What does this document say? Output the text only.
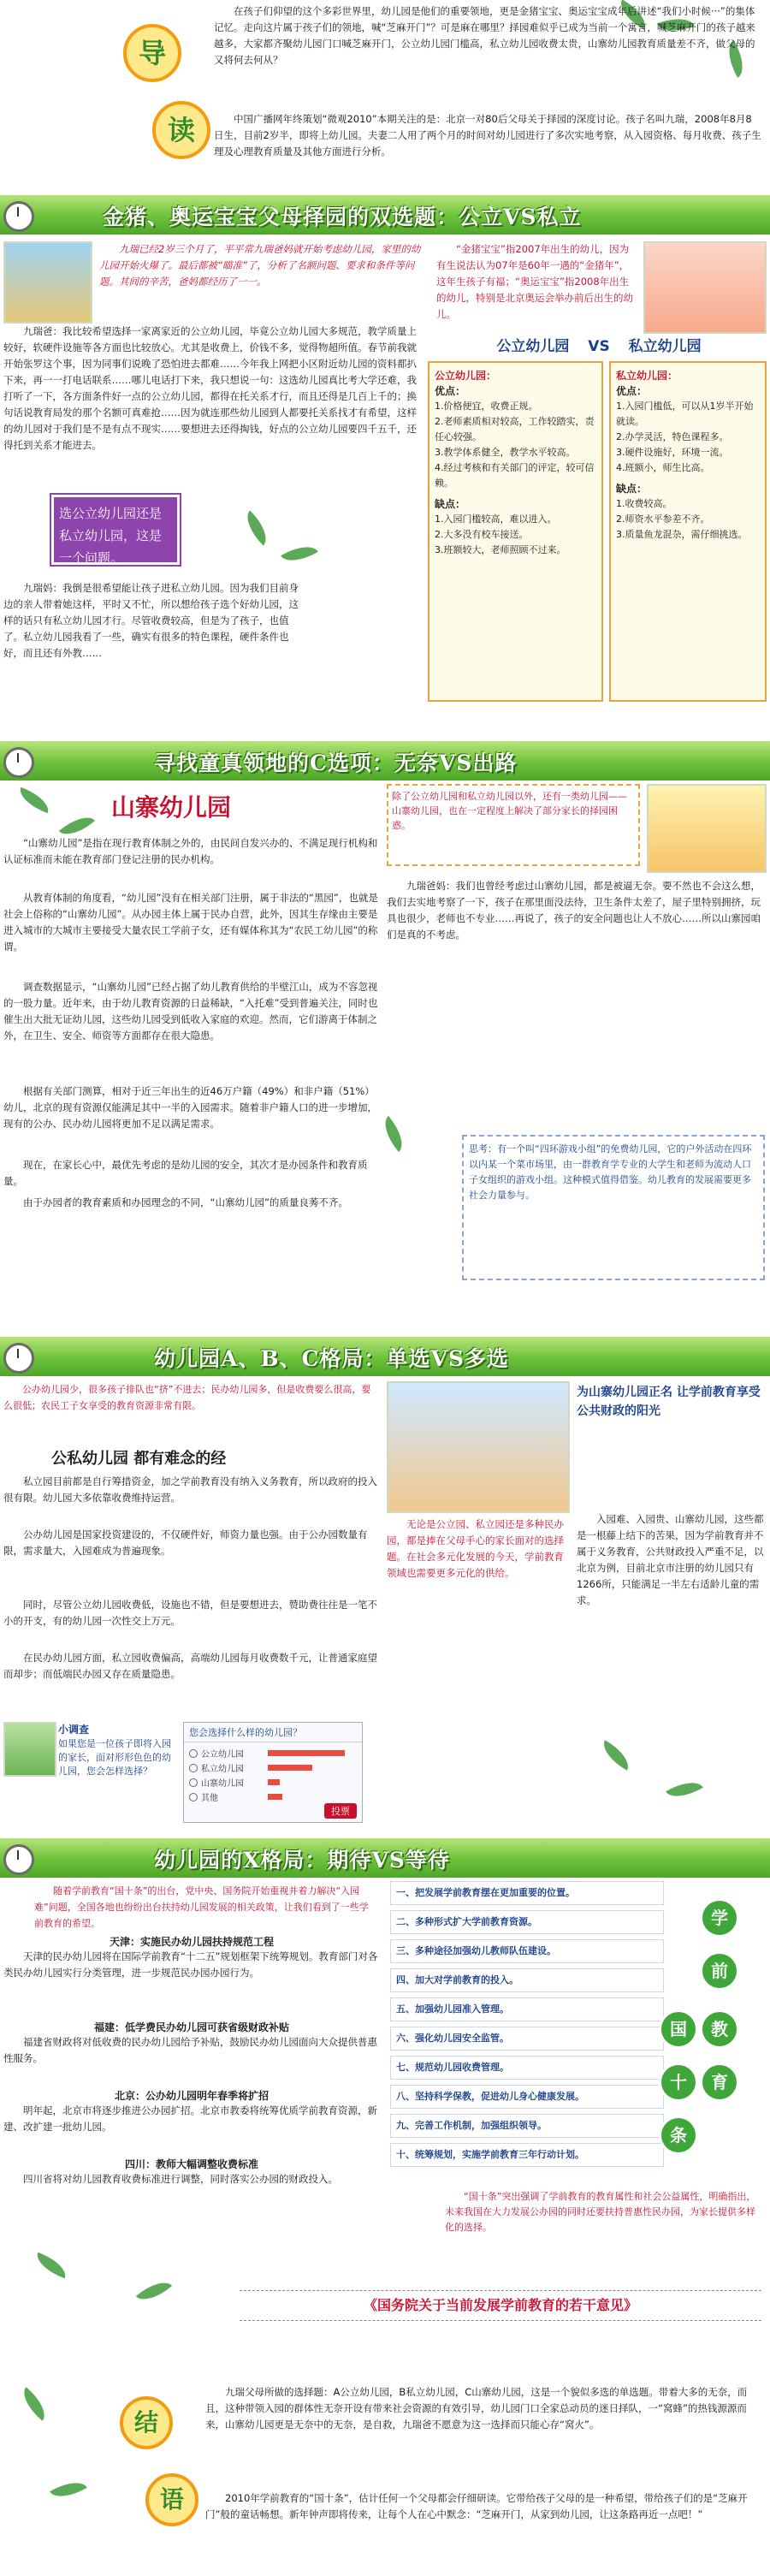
导
读
在孩子们仰望的这个多彩世界里，幼儿园是他们的重要领地，更是金猪宝宝、奥运宝宝成年后讲述“我们小时候···”的集体记忆。走向这片属于孩子们的领地，喊“芝麻开门”？可是麻在哪里？择园难似乎已成为当前一个寓言，喊芝麻开门的孩子越来越多，大家都齐聚幼儿园门口喊芝麻开门，公立幼儿园门槛高，私立幼儿园收费太贵，山寨幼儿园教育质量差不齐，做父母的又将何去何从？
中国广播网年终策划“微观2010”本期关注的是：北京一对80后父母关于择园的深度讨论。孩子名叫九瑞，2008年8月8日生，目前2岁半，即将上幼儿园。夫妻二人用了两个月的时间对幼儿园进行了多次实地考察，从入园资格、每月收费、孩子生理及心理教育质量及其他方面进行分析。
金猪、奥运宝宝父母择园的双选题：公立VS私立
九瑞已经2岁三个月了，平平常九瑞爸妈就开始考虑幼儿园，家里的幼儿园开始火爆了。最后都被“瞄准”了，分析了名额问题、要求和条件等问题。其间的辛苦，爸妈都经历了一一。
“金猪宝宝”指2007年出生的幼儿，因为有生说法认为07年是60年一遇的“金猪年”，这年生孩子有福；“奥运宝宝”指2008年出生的幼儿，特别是北京奥运会举办前后出生的幼儿。
九瑞爸：我比较希望选择一家离家近的公立幼儿园，毕竟公立幼儿园大多规范，教学质量上较好，软硬件设施等各方面也比较放心。尤其是收费上，价钱不多，觉得物超所值。春节前我就开始张罗这个事，因为同事们说晚了恐怕进去都难……今年我上网把小区附近幼儿园的资料都扒下来，再一一打电话联系……哪儿电话打下来，我只想说一句：这选幼儿园真比考大学还难，我打听了一下，各方面条件好一点的公立幼儿园，都得在托关系才行，而且还得是几百上千的；换句话说教育局发的那个名额可真难抢……因为就连那些幼儿园到人都要托关系找才有希望，这样的幼儿园对于我们是不是有点不现实……要想进去还得掏钱，好点的公立幼儿园要四千五千，还得托到关系才能进去。
选公立幼儿园还是私立幼儿园，这是一个问题。
九瑞妈：我倒是很希望能让孩子进私立幼儿园。因为我们目前身边的亲人带着她这样，平时又不忙，所以想给孩子选个好幼儿园，这样的话只有私立幼儿园才行。尽管收费较高，但是为了孩子，也值了。私立幼儿园我看了一些，确实有很多的特色课程，硬件条件也好，而且还有外教……
公立幼儿园 VS 私立幼儿园
公立幼儿园：
优点：
1.价格便宜，收费正规。
2.老师素质相对较高，工作较踏实，责任心较强。
3.教学体系健全，教学水平较高。
4.经过考核和有关部门的评定，较可信赖。
缺点：
1.入园门槛较高，难以进入。
2.大多没有校车接送。
3.班额较大，老师照顾不过来。
私立幼儿园：
优点：
1.入园门槛低，可以从1岁半开始就读。
2.办学灵活，特色课程多。
3.硬件设施好，环境一流。
4.班额小，师生比高。
缺点：
1.收费较高。
2.师资水平参差不齐。
3.质量鱼龙混杂，需仔细挑选。
寻找童真领地的C选项：无奈VS出路
山寨幼儿园	除了公立幼儿园和私立幼儿园以外，还有一类幼儿园——山寨幼儿园，也在一定程度上解决了部分家长的择园困惑。
“山寨幼儿园”是指在现行教育体制之外的，由民间自发兴办的、不满足现行机构和认证标准而未能在教育部门登记注册的民办机构。
从教育体制的角度看，“幼儿园”没有在相关部门注册，属于非法的“黑园”，也就是社会上俗称的“山寨幼儿园”。从办园主体上属于民办自营，此外，因其生存缘由主要是进入城市的大城市主要接受大量农民工学前子女，还有媒体称其为“农民工幼儿园”的称谓。
调查数据显示，“山寨幼儿园”已经占据了幼儿教育供给的半壁江山，成为不容忽视的一股力量。近年来，由于幼儿教育资源的日益稀缺，“入托难”受到普遍关注，同时也催生出大批无证幼儿园，这些幼儿园受到低收入家庭的欢迎。然而，它们游离于体制之外，在卫生、安全、师资等方面都存在很大隐患。
根据有关部门测算，相对于近三年出生的近46万户籍（49%）和非户籍（51%）幼儿，北京的现有资源仅能满足其中一半的入园需求。随着非户籍人口的进一步增加，现有的公办、民办幼儿园将更加不足以满足需求。
现在，在家长心中，最优先考虑的是幼儿园的安全，其次才是办园条件和教育质量。
由于办园者的教育素质和办园理念的不同，“山寨幼儿园”的质量良莠不齐。
九瑞爸妈：我们也曾经考虑过山寨幼儿园，都是被逼无奈。要不然也不会这么想，我们去实地考察了一下，孩子在那里面没法待，卫生条件太差了，屋子里特别拥挤，玩具也很少，老师也不专业……再说了，孩子的安全问题也让人不放心……所以山寨园咱们是真的不考虑。
思考：有一个叫“四环游戏小组”的免费幼儿园，它的户外活动在四环以内某一个菜市场里，由一群教育学专业的大学生和老师为流动人口子女组织的游戏小组。这种模式值得借鉴。幼儿教育的发展需要更多社会力量参与。
幼儿园A、B、C格局：单选VS多选
公办幼儿园少，很多孩子排队也“挤”不进去；民办幼儿园多，但是收费要么很高，要么很低；农民工子女享受的教育资源非常有限。
为山寨幼儿园正名 让学前教育享受公共财政的阳光
公私幼儿园 都有难念的经
私立园目前都是自行筹措资金，加之学前教育没有纳入义务教育，所以政府的投入很有限。幼儿园大多依靠收费维持运营。
公办幼儿园是国家投资建设的，不仅硬件好，师资力量也强。由于公办园数量有限，需求量大，入园难成为普遍现象。
同时，尽管公立幼儿园收费低，设施也不错，但是要想进去，赞助费往往是一笔不小的开支，有的幼儿园一次性交上万元。
在民办幼儿园方面，私立园收费偏高，高端幼儿园每月收费数千元，让普通家庭望而却步；而低端民办园又存在质量隐患。
入园难、入园贵、山寨幼儿园，这些都是一根藤上结下的苦果，因为学前教育并不属于义务教育，公共财政投入严重不足，以北京为例，目前北京市注册的幼儿园只有1266所，只能满足一半左右适龄儿童的需求。
无论是公立园、私立园还是多种民办园，都是捧在父母手心的家长面对的选择题。在社会多元化发展的今天，学前教育领域也需要更多元化的供给。
小调查
如果您是一位孩子即将入园的家长，面对形形色色的幼儿园，您会怎样选择？
您会选择什么样的幼儿园？
公立幼儿园
私立幼儿园
山寨幼儿园
其他
投票
幼儿园的X格局：期待VS等待
随着学前教育“国十条”的出台，党中央、国务院开始重视并着力解决“入园难”问题，全国各地也纷纷出台扶持幼儿园发展的相关政策，让我们看到了一些学前教育的希望。
天津：实施民办幼儿园扶持规范工程
天津的民办幼儿园将在国际学前教育“十二五”规划框架下统筹规划。教育部门对各类民办幼儿园实行分类管理，进一步规范民办园办园行为。
福建：低学费民办幼儿园可获省级财政补贴
福建省财政将对低收费的民办幼儿园给予补贴，鼓励民办幼儿园面向大众提供普惠性服务。
北京：公办幼儿园明年春季将扩招
明年起，北京市将逐步推进公办园扩招。北京市教委将统筹优质学前教育资源，新建、改扩建一批幼儿园。
四川：教师大幅调整收费标准
四川省将对幼儿园教育收费标准进行调整，同时落实公办园的财政投入。
一、把发展学前教育摆在更加重要的位置。
二、多种形式扩大学前教育资源。
三、多种途径加强幼儿教师队伍建设。
四、加大对学前教育的投入。
五、加强幼儿园准入管理。
六、强化幼儿园安全监管。
七、规范幼儿园收费管理。
八、坚持科学保教，促进幼儿身心健康发展。
九、完善工作机制，加强组织领导。
十、统筹规划，实施学前教育三年行动计划。
学
前
国
十
教
育
条
“国十条”突出强调了学前教育的教育属性和社会公益属性，明确指出，未来我国在大力发展公办园的同时还要扶持普惠性民办园，为家长提供多样化的选择。
《国务院关于当前发展学前教育的若干意见》
结
语
九瑞父母所做的选择题：A公立幼儿园，B私立幼儿园，C山寨幼儿园，这是一个貌似多选的单选题。带着大多的无奈，而且，这种带领入园的群体性无奈开设有带来社会资源的有效引导，幼儿园门口全家总动员的迷日择队，一“窝蜂”的热钱源源而来，山寨幼儿园更是无奈中的无奈，是自救，九瑞爸不愿意为这一选择而只能心存“窝火”。
2010年学前教育的“国十条”，估计任何一个父母都会仔细研读。它带给孩子父母的是一种希望，带给孩子们的是“芝麻开门”般的童话畅想。新年钟声即将传来，让每个人在心中默念：“芝麻开门，从家到幼儿园，让这条路再近一点吧！”
